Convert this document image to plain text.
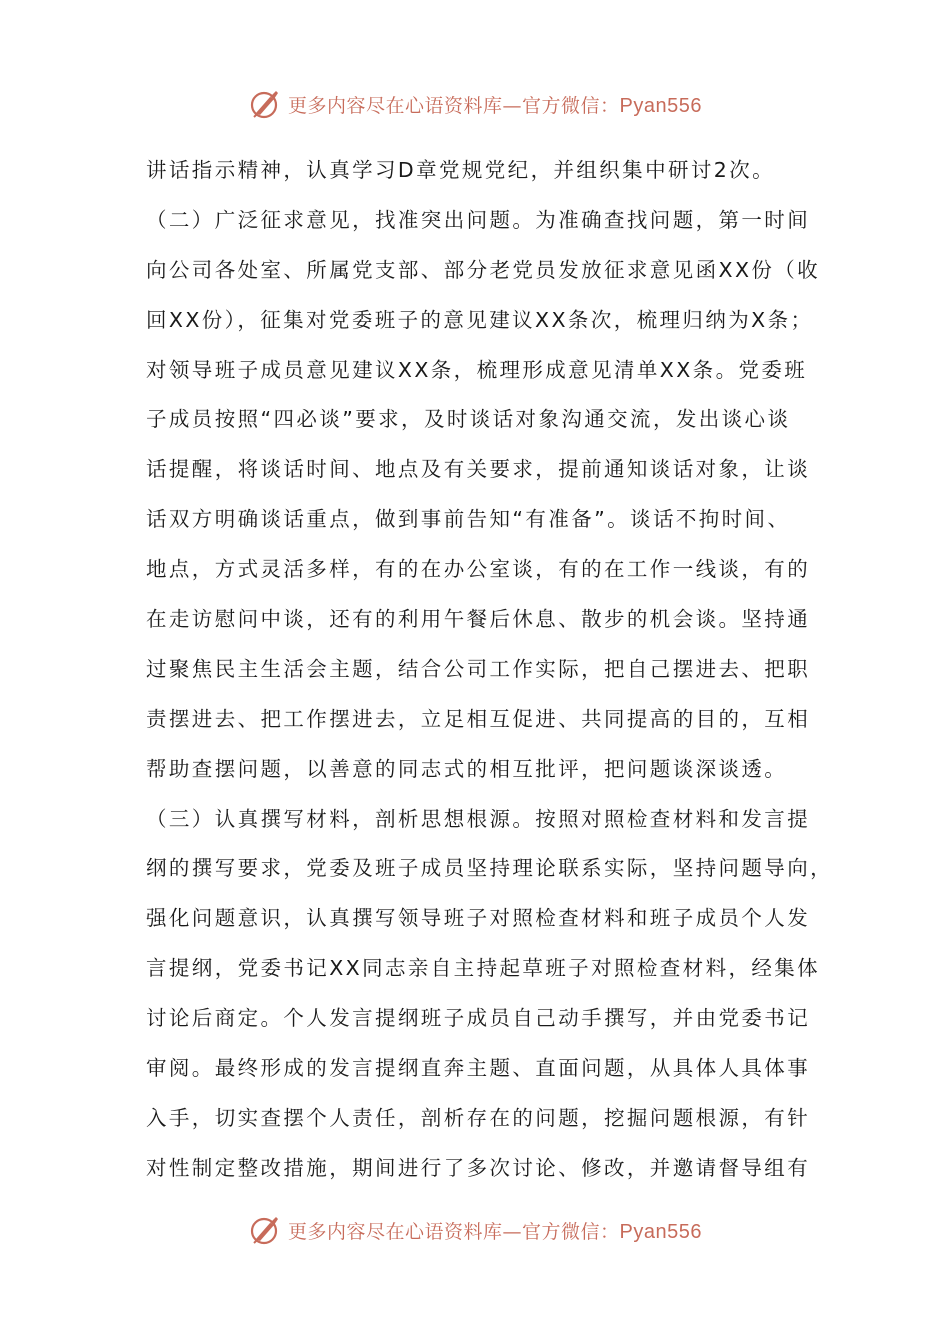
更多内容尽在心语资料库—官方微信：Pyan556
讲话指示精神，认真学习D章党规党纪，并组织集中研讨2次。
（二）广泛征求意见，找准突出问题。为准确查找问题，第一时间
向公司各处室、所属党支部、部分老党员发放征求意见函XX份（收
回XX份），征集对党委班子的意见建议XX条次，梳理归纳为X条；
对领导班子成员意见建议XX条，梳理形成意见清单XX条。党委班
子成员按照“四必谈”要求，及时谈话对象沟通交流，发出谈心谈
话提醒，将谈话时间、地点及有关要求，提前通知谈话对象，让谈
话双方明确谈话重点，做到事前告知“有准备”。谈话不拘时间、
地点，方式灵活多样，有的在办公室谈，有的在工作一线谈，有的
在走访慰问中谈，还有的利用午餐后休息、散步的机会谈。坚持通
过聚焦民主生活会主题，结合公司工作实际，把自己摆进去、把职
责摆进去、把工作摆进去，立足相互促进、共同提高的目的，互相
帮助查摆问题，以善意的同志式的相互批评，把问题谈深谈透。
（三）认真撰写材料，剖析思想根源。按照对照检查材料和发言提
纲的撰写要求，党委及班子成员坚持理论联系实际，坚持问题导向，
强化问题意识，认真撰写领导班子对照检查材料和班子成员个人发
言提纲，党委书记XX同志亲自主持起草班子对照检查材料，经集体
讨论后商定。个人发言提纲班子成员自己动手撰写，并由党委书记
审阅。最终形成的发言提纲直奔主题、直面问题，从具体人具体事
入手，切实查摆个人责任，剖析存在的问题，挖掘问题根源，有针
对性制定整改措施，期间进行了多次讨论、修改，并邀请督导组有
更多内容尽在心语资料库—官方微信：Pyan556
